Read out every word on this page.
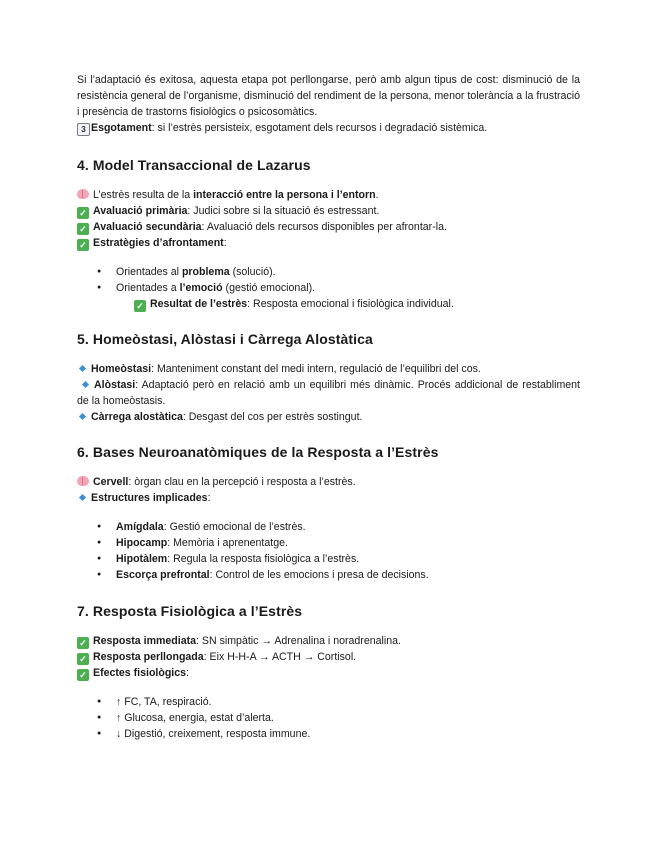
Si l’adaptació és exitosa, aquesta etapa pot perllongarse, però amb algun tipus de cost: disminució de la resistència general de l’organisme, disminució del rendiment de la persona, menor tolerància a la frustració i presència de trastorns fisiològics o psicosomàtics.

3 Esgotament: si l’estrès persisteix, esgotament dels recursos i degradació sistèmica.

4. Model Transaccional de Lazarus

L’estrès resulta de la interacció entre la persona i l’entorn.

✓ Avaluació primària: Judici sobre si la situació és estressant.

✓ Avaluació secundària: Avaluació dels recursos disponibles per afrontar-la.

✓ Estratègies d’afrontament:

● Orientades al problema (solució).
● Orientades a l’emoció (gestió emocional).

✓ Resultat de l’estrès: Resposta emocional i fisiològica individual.

5. Homeòstasi, Alòstasi i Càrrega Alostàtica

Homeòstasi: Manteniment constant del medi intern, regulació de l’equilibri del cos.

Alòstasi: Adaptació però en relació amb un equilibri més dinàmic. Procés addicional de restabliment de la homeòstasis.

Càrrega alostàtica: Desgast del cos per estrès sostingut.

6. Bases Neuroanatòmiques de la Resposta a l’Estrès

Cervell: òrgan clau en la percepció i resposta a l’estrès.

Estructures implicades:

● Amígdala: Gestió emocional de l’estrès.
● Hipocamp: Memòria i aprenentatge.
● Hipotàlem: Regula la resposta fisiològica a l’estrès.
● Escorça prefrontal: Control de les emocions i presa de decisions.
7. Resposta Fisiològica a l’Estrès

✓ Resposta immediata: SN simpàtic → Adrenalina i noradrenalina.

✓ Resposta perllongada: Eix H-H-A → ACTH → Cortisol.

✓ Efectes fisiològics:

● ↑ FC, TA, respiració.
● ↑ Glucosa, energia, estat d’alerta.
● ↓ Digestió, creixement, resposta immune.
